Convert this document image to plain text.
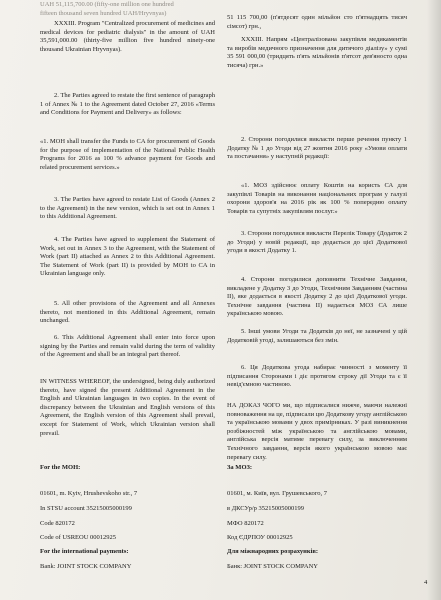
UAH 51,115,700.00 (fifty-one million one hundred

fifteen thousand seven hundred UAH/Hryvnyas)

XXXIII. Program "Centralized procurement of medicines and medical devices for pediatric dialysis" in the amount of UAH 35,591,000.00 (thirty-five million five hundred ninety-one thousand Ukrainian Hryvnyas).

2. The Parties agreed to restate the first sentence of paragraph 1 of Annex № 1 to the Agreement dated October 27, 2016 «Terms and Conditions for Payment and Delivery» as follows:

«1. MOH shall transfer the Funds to CA for procurement of Goods for the purpose of implementation of the National Public Health Programs for 2016 as 100 % advance payment for Goods and related procurement services.»

3. The Parties have agreed to restate List of Goods (Annex 2 to the Agreement) in the new version, which is set out in Annex 1 to this Additional Agreement.

4. The Parties have agreed to supplement the Statement of Work, set out in Annex 3 to the Agreement, with the Statement of Work (part II) attached as Annex 2 to this Additional Agreement. The Statement of Work (part II) is provided by MOH to CA in Ukrainian language only.

5. All other provisions of the Agreement and all Annexes thereto, not mentioned in this Additional Agreement, remain unchanged.

6. This Additional Agreement shall enter into force upon signing by the Parties and remain valid during the term of validity of the Agreement and shall be an integral part thereof.

IN WITNESS WHEREOF, the undersigned, being duly authorized thereto, have signed the present Additional Agreement in the English and Ukrainian languages in two copies. In the event of discrepancy between the Ukrainian and English versions of this Agreement, the English version of this Agreement shall prevail, except for Statement of Work, which Ukrainian version shall prevail.

For the MOH:

01601, m. Kyiv, Hrushevskoho str., 7

In STSU account 35215005000199

Code 820172

Code of USREOU 00012925

For the international payments:

Bank: JOINT STOCK COMPANY

51 115 700,00 (п'ятдесят один мільйон сто п'ятнадцять тисяч сімсот) грн.,

XXXIII. Напрям «Централізована закупівля медикаментів та виробів медичного призначення для дитячого діалізу» у сумі 35 591 000,00 (тридцять п'ять мільйонів п'ятсот дев'яносто одна тисяча) грн.»

2. Сторони погодилися викласти перше речення пункту 1 Додатку № 1 до Угоди від 27 жовтня 2016 року «Умови оплати та постачання» у наступній редакції:

«1. МОЗ здійснює оплату Коштів на користь СА для закупівлі Товарів на виконання національних програм у галузі охорони здоров'я на 2016 рік як 100 % попередню оплату Товарів та супутніх закупівлям послуг.»

3. Сторони погодилися викласти Перелік Товару (Додаток 2 до Угоди) у новій редакції, що додається до цієї Додаткової угоди в якості Додатку 1.

4. Сторони погодилися доповнити Технічне Завдання, викладене у Додатку 3 до Угоди, Технічним Завданням (частина ІІ), яке додається в якості Додатку 2 до цієї Додаткової угоди. Технічне завдання (частина ІІ) надається МОЗ СА лише українською мовою.

5. Інші умови Угоди та Додатків до неї, не зазначені у цій Додатковій угоді, залишаються без змін.

6. Ця Додаткова угода набирає чинності з моменту її підписання Сторонами і діє протягом строку дії Угоди та є її невід'ємною частиною.

НА ДОКАЗ ЧОГО ми, що підписалися нижче, маючи належні повноваження на це, підписали цю Додаткову угоду англійською та українською мовами у двох примірниках. У разі виникнення розбіжностей між українською та англійською мовами, англійська версія матиме перевагу силу, за виключенням Технічного завдання, версія якого українською мовою має перевагу силу.

За МОЗ:

01601, м. Київ, вул. Грушевського, 7

в ДКСУр/р 35215005000199

МФО 820172

Код ЄДРПОУ 00012925

Для міжнародних розрахунків:

Банк: JOINT STOCK COMPANY

4
